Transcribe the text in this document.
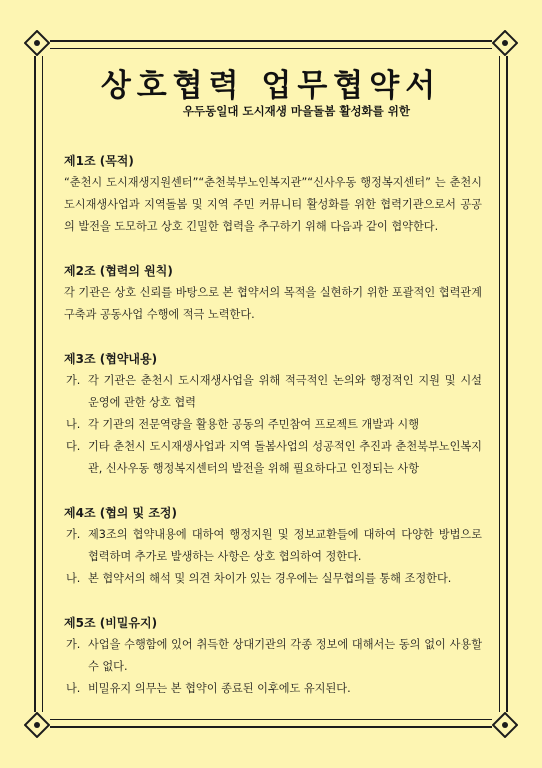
상호협력 업무협약서
우두동일대 도시재생 마을돌봄 활성화를 위한
제1조 (목적)
“춘천시 도시재생지원센터”“춘천북부노인복지관”“신사우동 행정복지센터” 는 춘천시 도시재생사업과 지역돌봄 및 지역 주민 커뮤니티 활성화를 위한 협력기관으로서 공공의 발전을 도모하고 상호 긴밀한 협력을 추구하기 위해 다음과 같이 협약한다.
제2조 (협력의 원칙)
각 기관은 상호 신뢰를 바탕으로 본 협약서의 목적을 실현하기 위한 포괄적인 협력관계 구축과 공동사업 수행에 적극 노력한다.
제3조 (협약내용)
가. 각 기관은 춘천시 도시재생사업을 위해 적극적인 논의와 행정적인 지원 및 시설 운영에 관한 상호 협력
나. 각 기관의 전문역량을 활용한 공동의 주민참여 프로젝트 개발과 시행
다. 기타 춘천시 도시재생사업과 지역 돌봄사업의 성공적인 추진과 춘천북부노인복지관, 신사우동 행정복지센터의 발전을 위해 필요하다고 인정되는 사항
제4조 (협의 및 조정)
가. 제3조의 협약내용에 대하여 행정지원 및 정보교환들에 대하여 다양한 방법으로 협력하며 추가로 발생하는 사항은 상호 협의하여 정한다.
나. 본 협약서의 해석 및 의견 차이가 있는 경우에는 실무협의를 통해 조정한다.
제5조 (비밀유지)
가. 사업을 수행함에 있어 취득한 상대기관의 각종 정보에 대해서는 동의 없이 사용할 수 없다.
나. 비밀유지 의무는 본 협약이 종료된 이후에도 유지된다.
